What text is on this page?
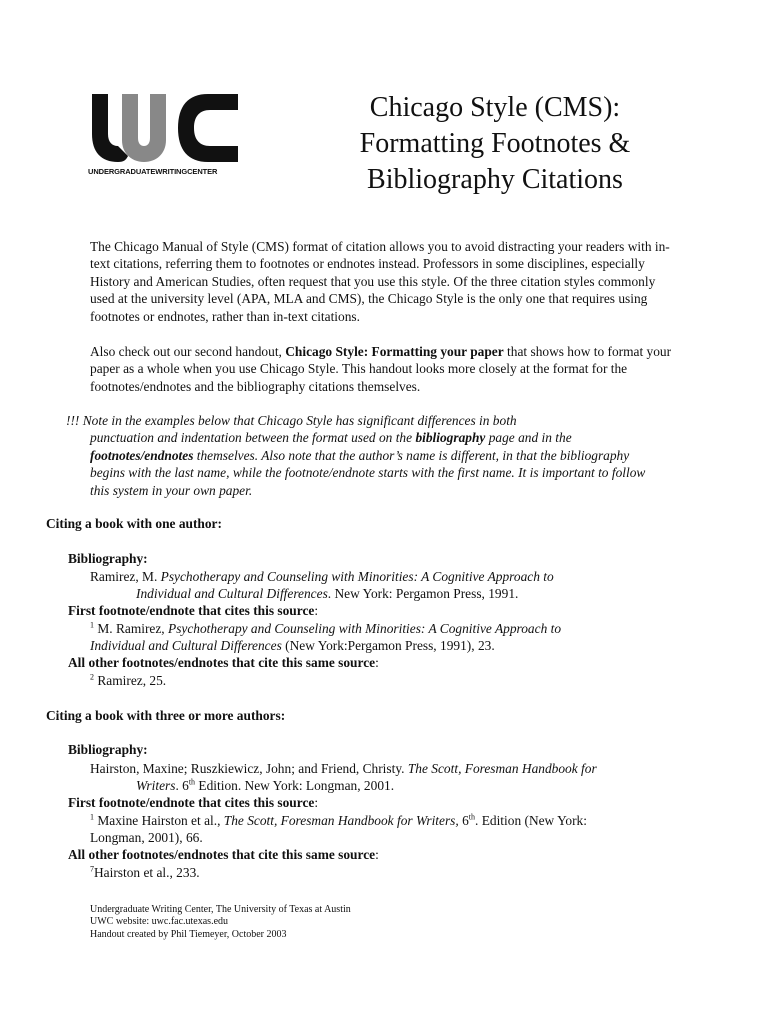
UNDERGRADUATEWRITINGCENTER
Chicago Style (CMS):
Formatting Footnotes &
Bibliography Citations

The Chicago Manual of Style (CMS) format of citation allows you to avoid distracting your readers with in-text citations, referring them to footnotes or endnotes instead. Professors in some disciplines, especially History and American Studies, often request that you use this style. Of the three citation styles commonly used at the university level (APA, MLA and CMS), the Chicago Style is the only one that requires using footnotes or endnotes, rather than in-text citations.

Also check out our second handout, Chicago Style: Formatting your paper that shows how to format your paper as a whole when you use Chicago Style. This handout looks more closely at the format for the footnotes/endnotes and the bibliography citations themselves.

!!! Note in the examples below that Chicago Style has significant differences in both
punctuation and indentation between the format used on the bibliography page and in the footnotes/endnotes themselves. Also note that the author’s name is different, in that the bibliography begins with the last name, while the footnote/endnote starts with the first name. It is important to follow this system in your own paper.
Citing a book with one author:
Bibliography:
Ramirez, M. Psychotherapy and Counseling with Minorities: A Cognitive Approach to
Individual and Cultural Differences. New York: Pergamon Press, 1991.
First footnote/endnote that cites this source:
$^1$ M. Ramirez, Psychotherapy and Counseling with Minorities: A Cognitive Approach to
Individual and Cultural Differences (New York:Pergamon Press, 1991), 23.
All other footnotes/endnotes that cite this same source:
$^2$ Ramirez, 25.
Citing a book with three or more authors:
Bibliography:
Hairston, Maxine; Ruszkiewicz, John; and Friend, Christy. The Scott, Foresman Handbook for
Writers. 6th Edition. New York: Longman, 2001.
First footnote/endnote that cites this source:
$^1$ Maxine Hairston et al., The Scott, Foresman Handbook for Writers, 6th. Edition (New York:
Longman, 2001), 66.
All other footnotes/endnotes that cite this same source:
$^7$Hairston et al., 233.
Undergraduate Writing Center, The University of Texas at Austin
UWC website: uwc.fac.utexas.edu
Handout created by Phil Tiemeyer, October 2003
